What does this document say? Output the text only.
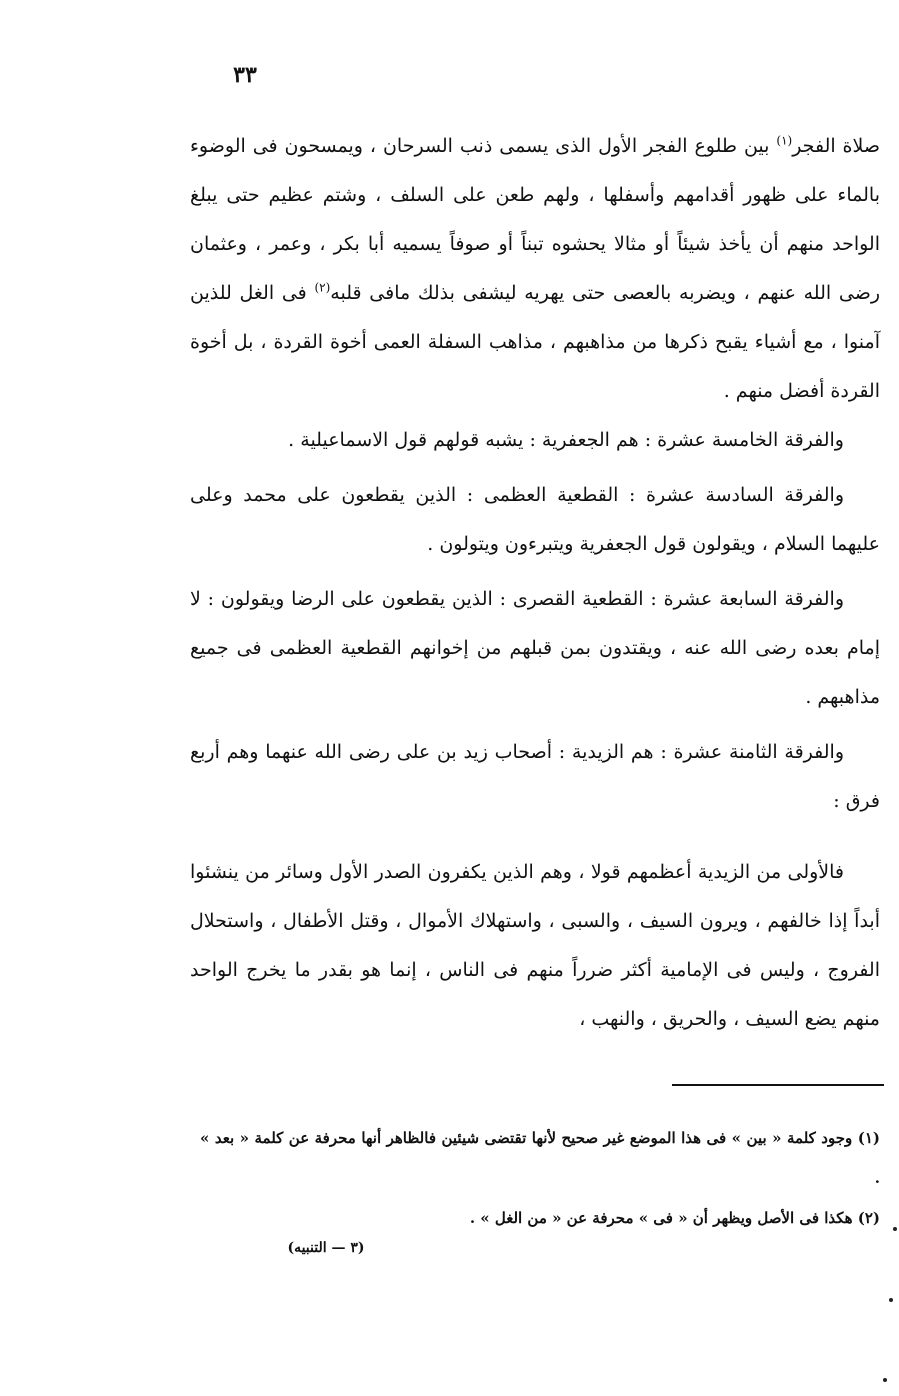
٣٣

صلاة الفجر$^{(١)}$ بين طلوع الفجر الأول الذى يسمى ذنب السرحان ، ويمسحون فى الوضوء بالماء على ظهور أقدامهم وأسفلها ، ولهم طعن على السلف ، وشتم عظيم حتى يبلغ الواحد منهم أن يأخذ شيئاً أو مثالا يحشوه تبناً أو صوفاً يسميه أبا بكر ، وعمر ، وعثمان رضى الله عنهم ، ويضربه بالعصى حتى يهريه ليشفى بذلك مافى قلبه$^{(٢)}$ فى الغل للذين آمنوا ، مع أشياء يقبح ذكرها من مذاهبهم ، مذاهب السفلة العمى أخوة القردة ، بل أخوة القردة أفضل منهم .

والفرقة الخامسة عشرة : هم الجعفرية : يشبه قولهم قول الاسماعيلية .

والفرقة السادسة عشرة : القطعية العظمى : الذين يقطعون على محمد وعلى عليهما السلام ، ويقولون قول الجعفرية ويتبرءون ويتولون .

والفرقة السابعة عشرة : القطعية القصرى : الذين يقطعون على الرضا ويقولون : لا إمام بعده رضى الله عنه ، ويقتدون بمن قبلهم من إخوانهم القطعية العظمى فى جميع مذاهبهم .

والفرقة الثامنة عشرة : هم الزيدية : أصحاب زيد بن على رضى الله عنهما وهم أربع فرق :

فالأولى من الزيدية أعظمهم قولا ، وهم الذين يكفرون الصدر الأول وسائر من ينشئوا أبداً إذا خالفهم ، ويرون السيف ، والسبى ، واستهلاك الأموال ، وقتل الأطفال ، واستحلال الفروج ، وليس فى الإمامية أكثر ضرراً منهم فى الناس ، إنما هو بقدر ما يخرج الواحد منهم يضع السيف ، والحريق ، والنهب ،

(١) وجود كلمة « بين » فى هذا الموضع غير صحيح لأنها تقتضى شيئين فالظاهر أنها محرفة عن كلمة « بعد » .

(٢) هكذا فى الأصل ويظهر أن « فى » محرفة عن « من الغل » .

(٣ — التنبيه)
